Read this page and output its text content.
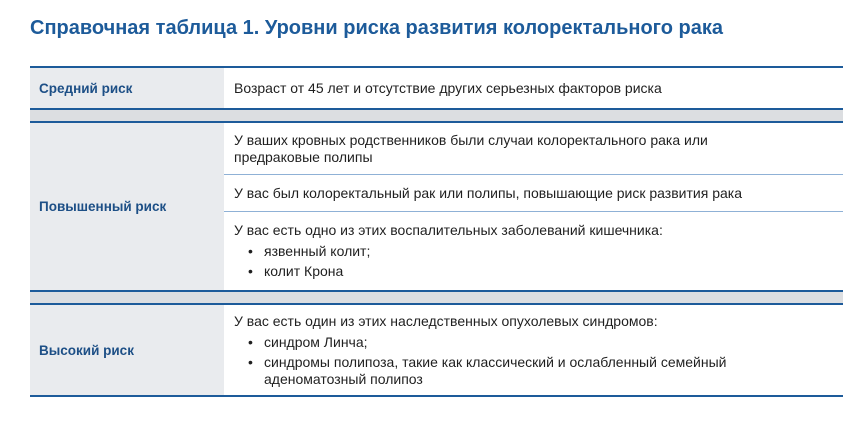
Справочная таблица 1. Уровни риска развития колоректального рака
Средний риск	Возраст от 45 лет и отсутствие других серьезных факторов риска
Повышенный риск
У ваших кровных родственников были случаи колоректального рака или
предраковые полипы
У вас был колоректальный рак или полипы, повышающие риск развития рака
У вас есть одно из этих воспалительных заболеваний кишечника:
• язвенный колит;
• колит Крона
Высокий риск
У вас есть один из этих наследственных опухолевых синдромов:
• синдром Линча;
• синдромы полипоза, такие как классический и ослабленный семейный
аденоматозный полипоз
